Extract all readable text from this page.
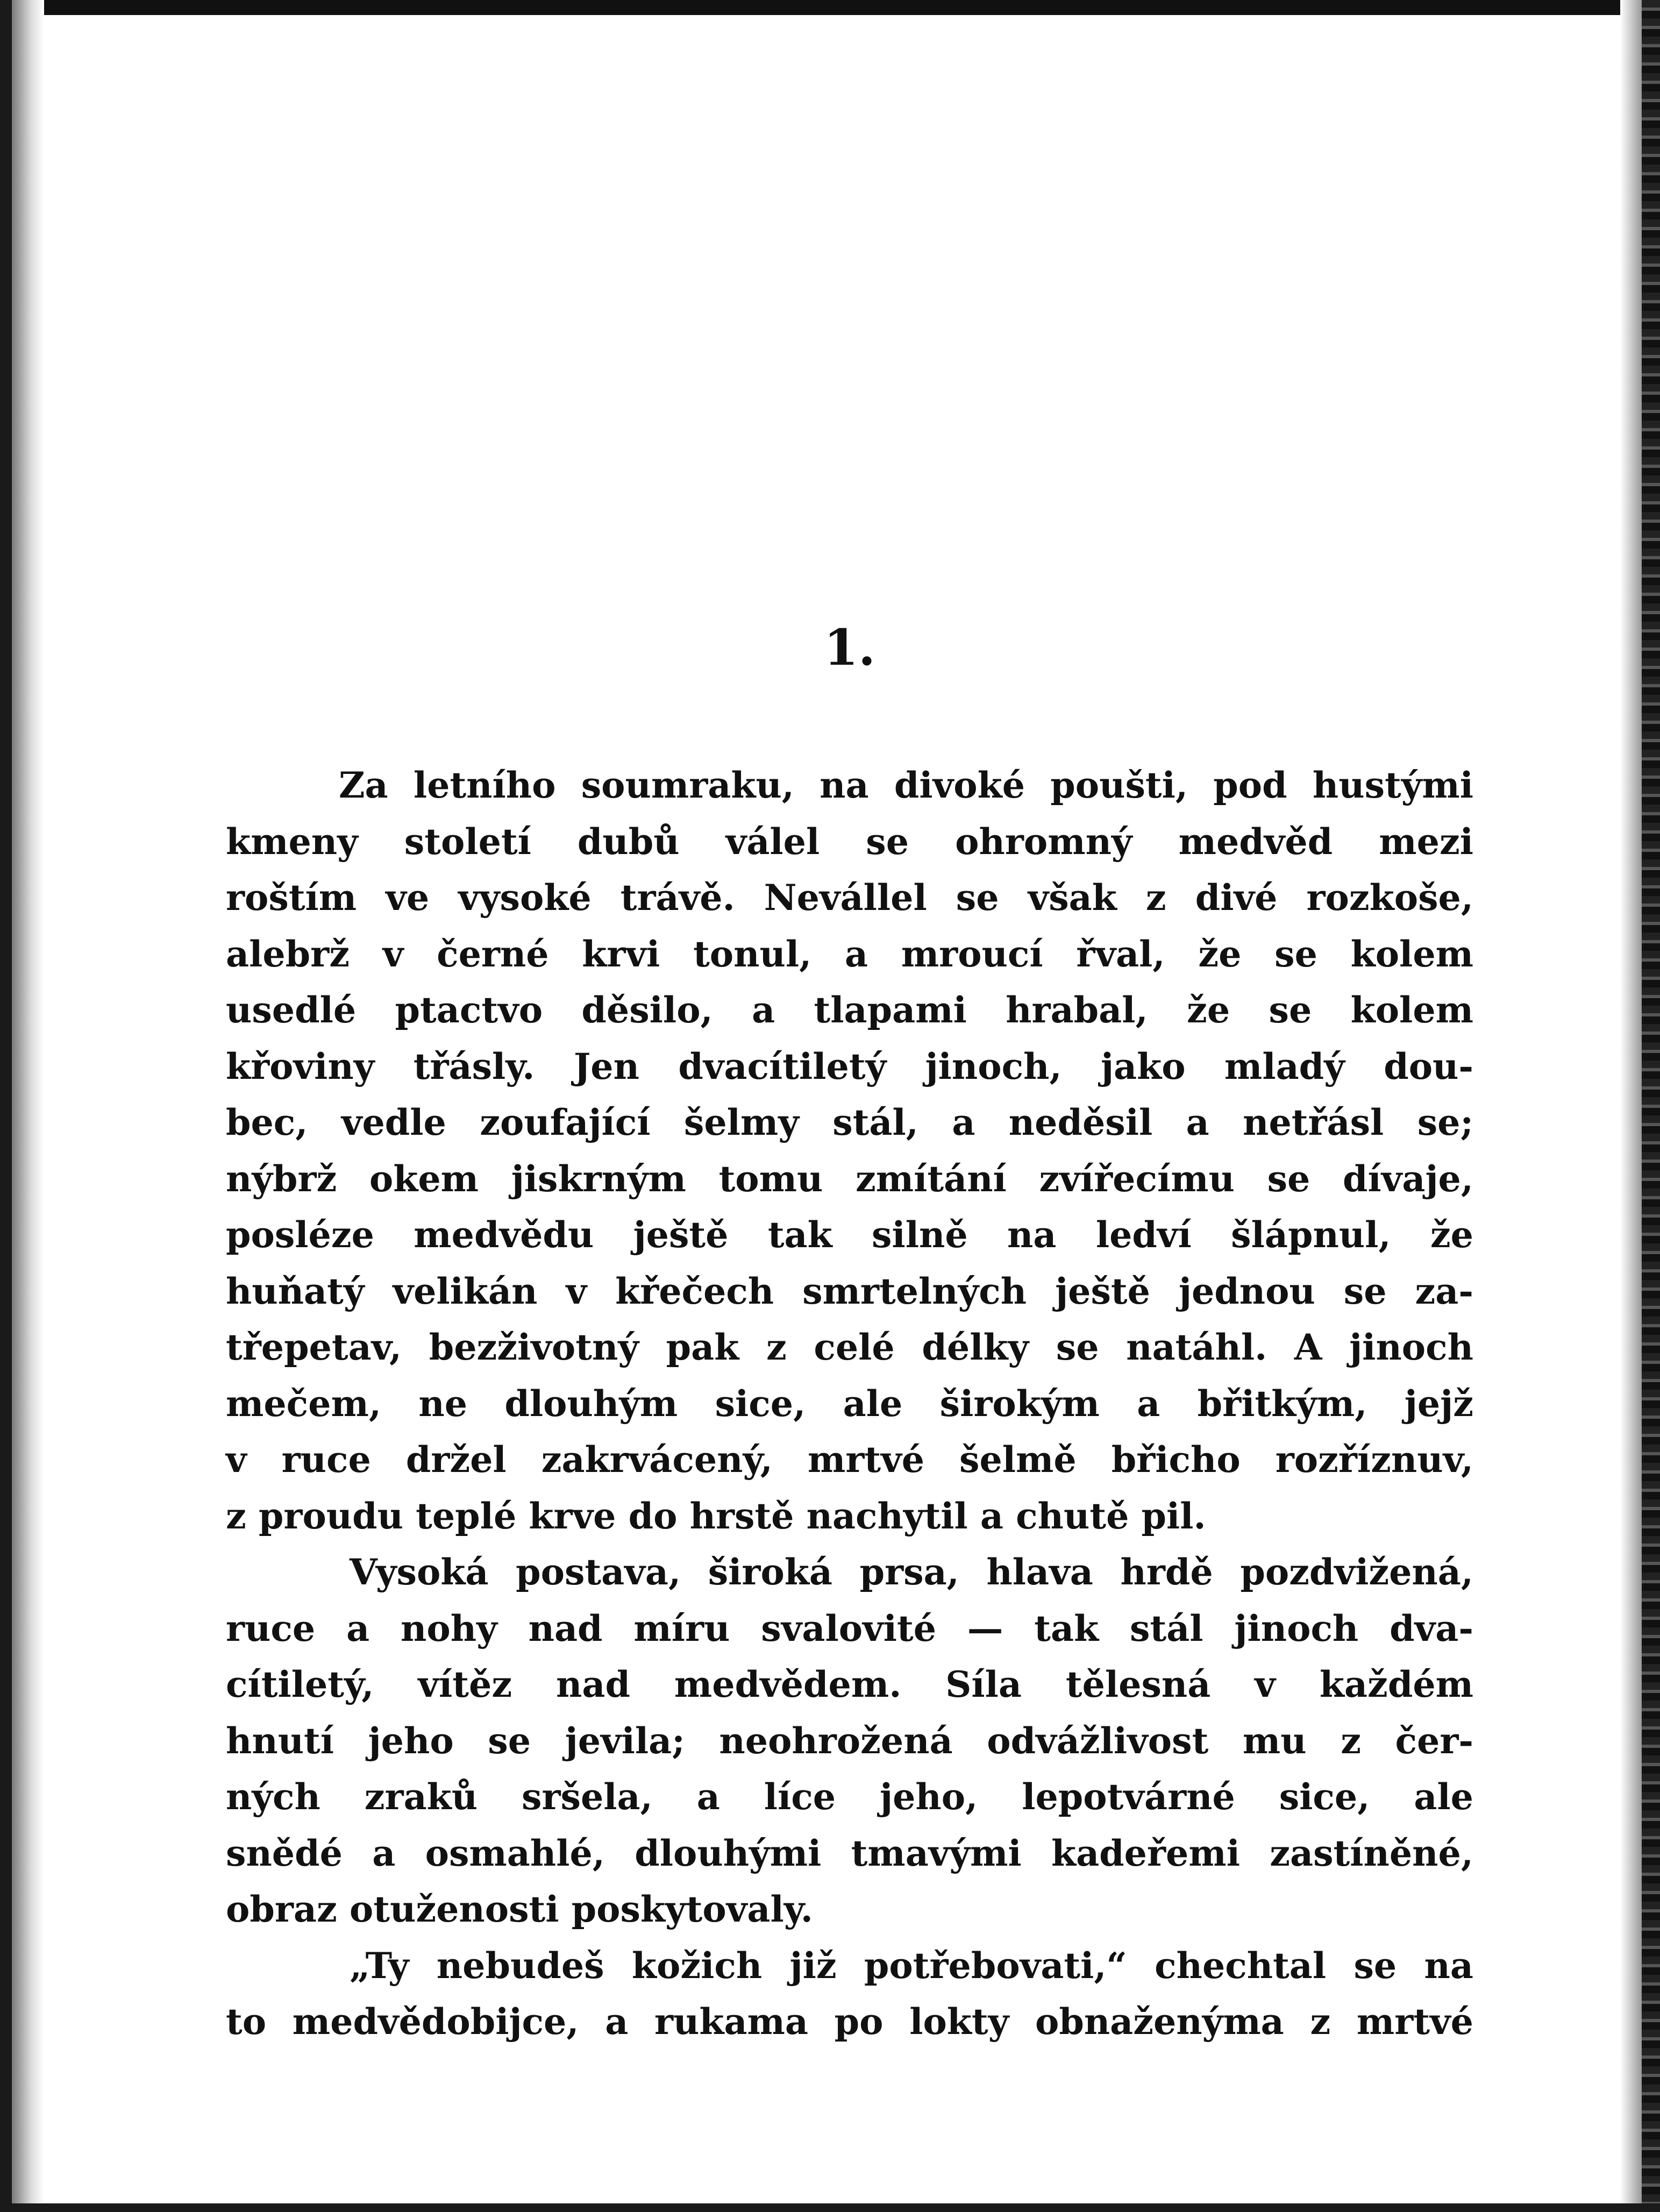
1.
Za letního soumraku, na divoké poušti, pod hustými
kmeny století dubů válel se ohromný medvěd mezi
roštím ve vysoké trávě. Nevállel se však z divé rozkoše,
alebrž v černé krvi tonul, a mroucí řval, že se kolem
usedlé ptactvo děsilo, a tlapami hrabal, že se kolem
křoviny třásly. Jen dvacítiletý jinoch, jako mladý dou-
bec, vedle zoufající šelmy stál, a neděsil a netřásl se;
nýbrž okem jiskrným tomu zmítání zvířecímu se dívaje,
posléze medvědu ještě tak silně na ledví šlápnul, že
huňatý velikán v křečech smrtelných ještě jednou se za-
třepetav, bezživotný pak z celé délky se natáhl. A jinoch
mečem, ne dlouhým sice, ale širokým a břitkým, jejž
v ruce držel zakrvácený, mrtvé šelmě břicho rozříznuv,
z proudu teplé krve do hrstě nachytil a chutě pil.
Vysoká postava, široká prsa, hlava hrdě pozdvižená,
ruce a nohy nad míru svalovité — tak stál jinoch dva-
cítiletý, vítěz nad medvědem. Síla tělesná v každém
hnutí jeho se jevila; neohrožená odvážlivost mu z čer-
ných zraků sršela, a líce jeho, lepotvárné sice, ale
snědé a osmahlé, dlouhými tmavými kadeřemi zastíněné,
obraz otuženosti poskytovaly.
„Ty nebudeš kožich již potřebovati,“ chechtal se na
to medvědobijce, a rukama po lokty obnaženýma z mrtvé
